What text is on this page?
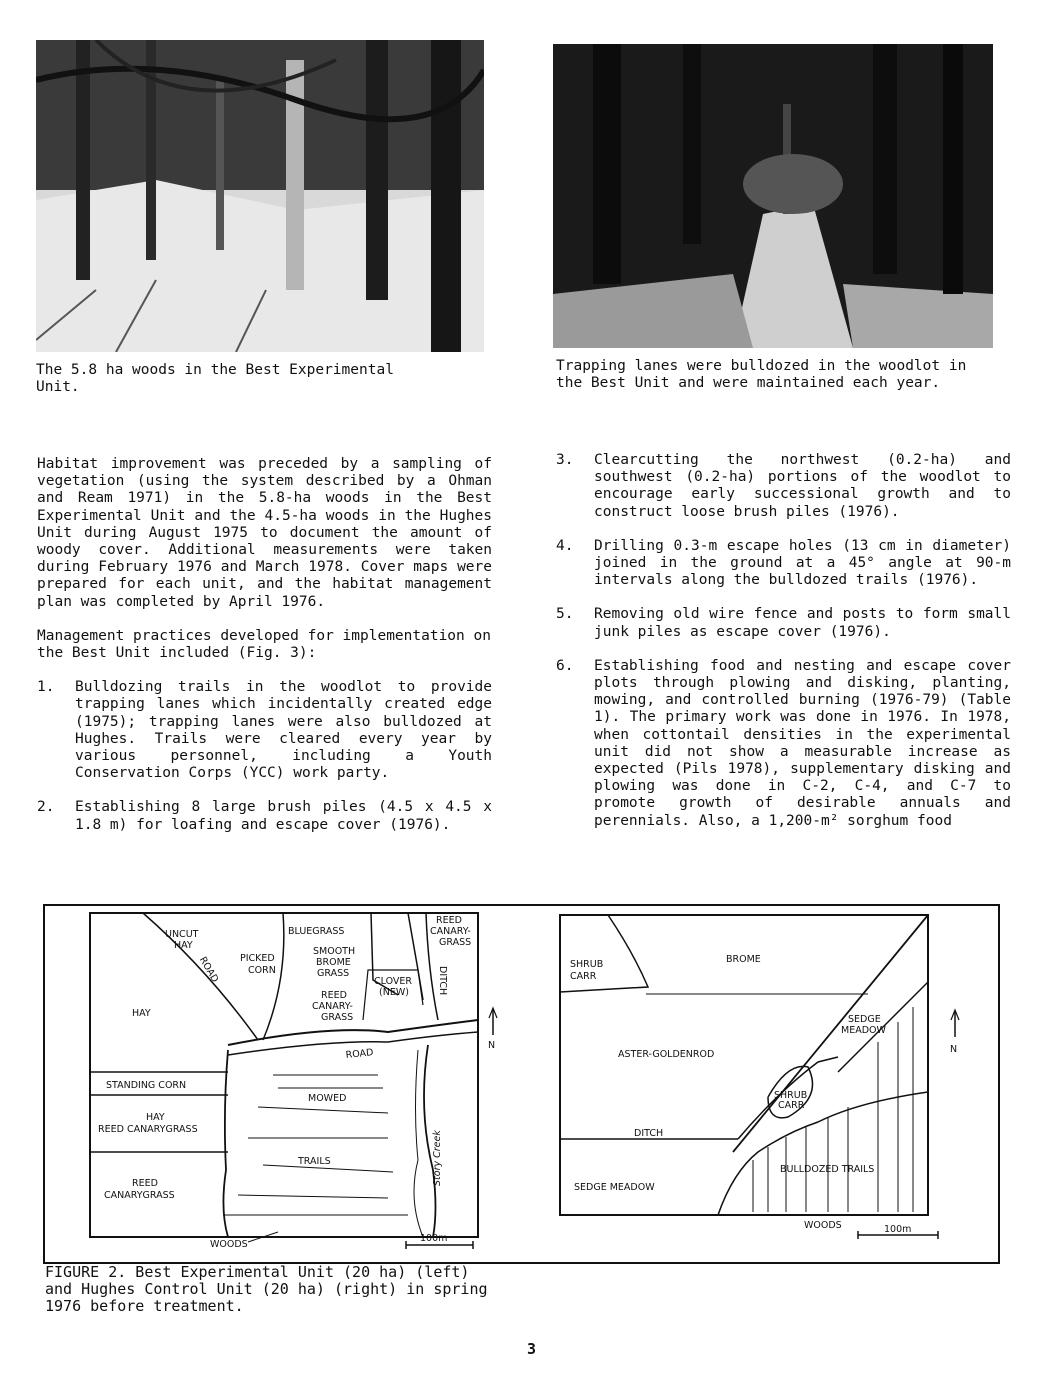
The 5.8 ha woods in the Best Experimental Unit.
Trapping lanes were bulldozed in the woodlot in the Best Unit and were maintained each year.

Habitat improvement was preceded by a sampling of vegetation (using the system described by a Ohman and Ream 1971) in the 5.8-ha woods in the Best Experimental Unit and the 4.5-ha woods in the Hughes Unit during August 1975 to document the amount of woody cover. Additional measurements were taken during February 1976 and March 1978. Cover maps were prepared for each unit, and the habitat management plan was completed by April 1976.

Management practices developed for implementation on the Best Unit included (Fig. 3):

1. Bulldozing trails in the woodlot to provide trapping lanes which incidentally created edge (1975); trapping lanes were also bulldozed at Hughes. Trails were cleared every year by various personnel, including a Youth Conservation Corps (YCC) work party.
2. Establishing 8 large brush piles (4.5 x 4.5 x 1.8 m) for loafing and escape cover (1976).
3. Clearcutting the northwest (0.2-ha) and southwest (0.2-ha) portions of the woodlot to encourage early successional growth and to construct loose brush piles (1976).
4. Drilling 0.3-m escape holes (13 cm in diameter) joined in the ground at a 45° angle at 90-m intervals along the bulldozed trails (1976).
5. Removing old wire fence and posts to form small junk piles as escape cover (1976).
6. Establishing food and nesting and escape cover plots through plowing and disking, planting, mowing, and controlled burning (1976-79) (Table 1). The primary work was done in 1976. In 1978, when cottontail densities in the experimental unit did not show a measurable increase as expected (Pils 1978), supplementary disking and plowing was done in C-2, C-4, and C-7 to promote growth of desirable annuals and perennials. Also, a 1,200-m² sorghum food
UNCUT
HAY
ROAD PICKED
CORN
BLUEGRASS
SMOOTH
BROME
GRASS
REED
CANARY-
GRASS
REED
CANARY-
GRASS
CLOVER
(NEW)	DITCH
HAY
ROAD
STANDING CORN
HAY
REED CANARYGRASS
REED
CANARYGRASS
MOWED
TRAILS	Story Creek
WOODS
100m
N
SHRUB
CARR
BROME
SEDGE
MEADOW
ASTER-GOLDENROD
SHRUB
CARR
DITCH
BULLDOZED TRAILS
SEDGE MEADOW
WOODS	100m
N
FIGURE 2. Best Experimental Unit (20 ha) (left) and Hughes Control Unit (20 ha) (right) in spring 1976 before treatment.
3
